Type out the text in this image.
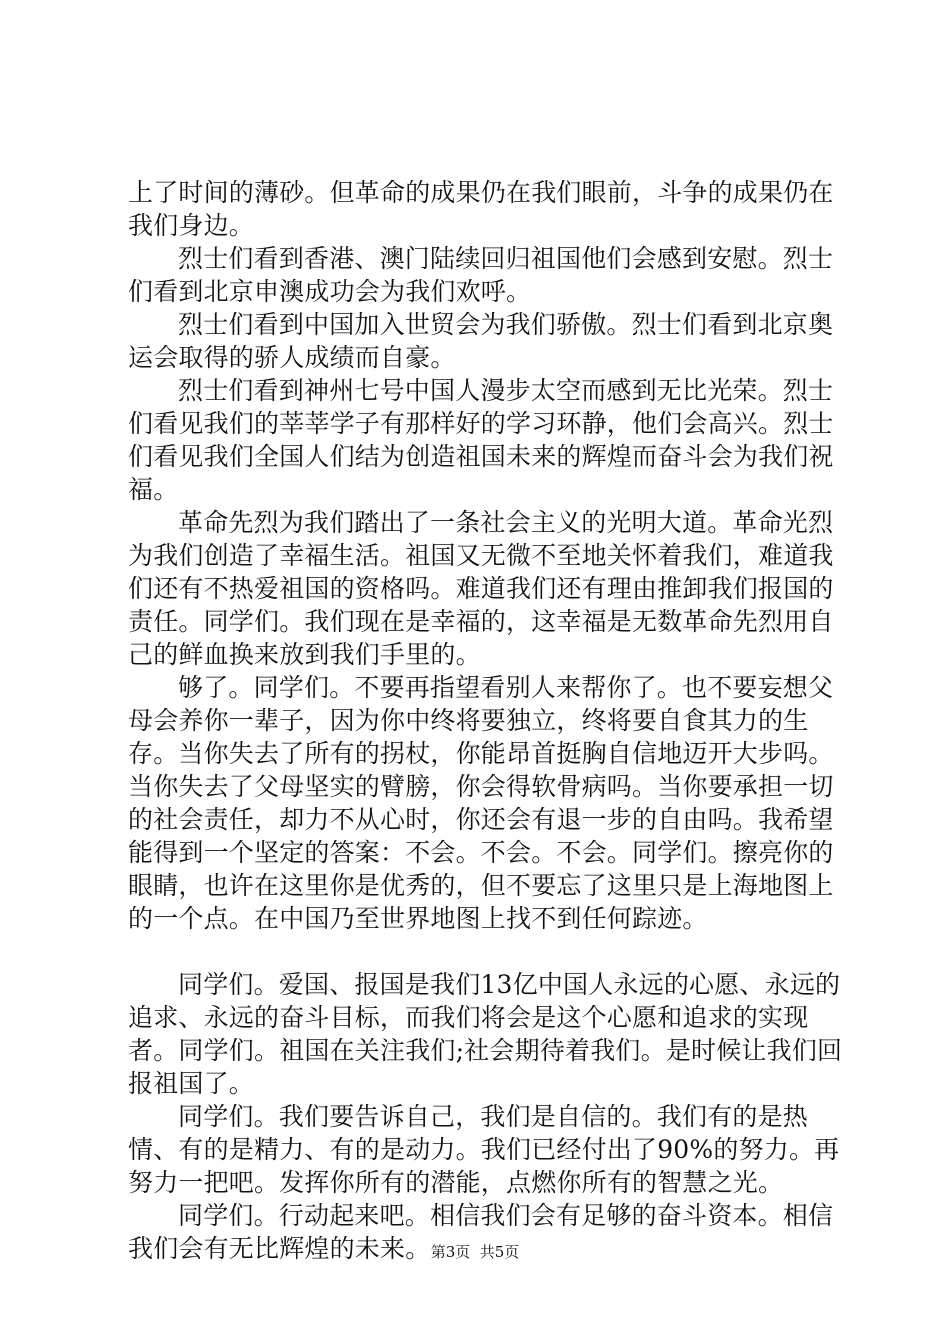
上了时间的薄砂。但革命的成果仍在我们眼前，斗争的成果仍在我们身边。

烈士们看到香港、澳门陆续回归祖国他们会感到安慰。烈士们看到北京申澳成功会为我们欢呼。

烈士们看到中国加入世贸会为我们骄傲。烈士们看到北京奥运会取得的骄人成绩而自豪。

烈士们看到神州七号中国人漫步太空而感到无比光荣。烈士们看见我们的莘莘学子有那样好的学习环静，他们会高兴。烈士们看见我们全国人们结为创造祖国未来的辉煌而奋斗会为我们祝福。

革命先烈为我们踏出了一条社会主义的光明大道。革命光烈为我们创造了幸福生活。祖国又无微不至地关怀着我们，难道我们还有不热爱祖国的资格吗。难道我们还有理由推卸我们报国的责任。同学们。我们现在是幸福的，这幸福是无数革命先烈用自己的鲜血换来放到我们手里的。

够了。同学们。不要再指望看别人来帮你了。也不要妄想父母会养你一辈子，因为你中终将要独立，终将要自食其力的生存。当你失去了所有的拐杖，你能昂首挺胸自信地迈开大步吗。当你失去了父母坚实的臂膀，你会得软骨病吗。当你要承担一切的社会责任，却力不从心时，你还会有退一步的自由吗。我希望能得到一个坚定的答案：不会。不会。不会。同学们。擦亮你的眼睛，也许在这里你是优秀的，但不要忘了这里只是上海地图上的一个点。在中国乃至世界地图上找不到任何踪迹。

同学们。爱国、报国是我们13亿中国人永远的心愿、永远的追求、永远的奋斗目标，而我们将会是这个心愿和追求的实现者。同学们。祖国在关注我们;社会期待着我们。是时候让我们回报祖国了。

同学们。我们要告诉自己，我们是自信的。我们有的是热情、有的是精力、有的是动力。我们已经付出了90%的努力。再努力一把吧。发挥你所有的潜能，点燃你所有的智慧之光。

同学们。行动起来吧。相信我们会有足够的奋斗资本。相信我们会有无比辉煌的未来。 第3页  共5页
